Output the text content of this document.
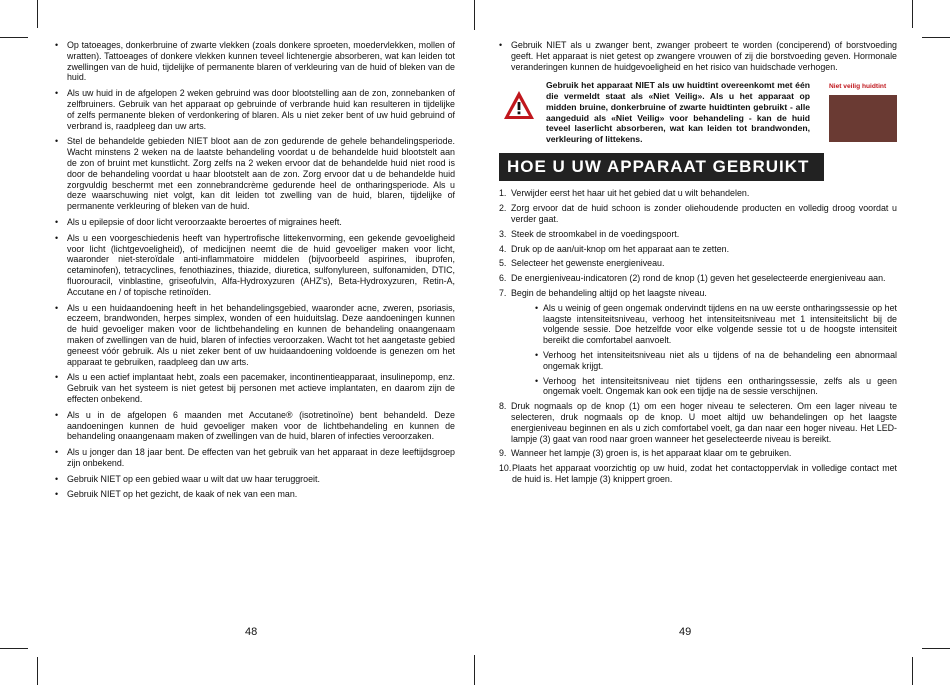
• Op tatoeages, donkerbruine of zwarte vlekken (zoals donkere sproeten, moedervlekken, mollen of wratten). Tattoeages of donkere vlekken kunnen teveel lichtenergie absorberen, wat kan leiden tot zwellingen van de huid, tijdelijke of permanente blaren of verkleuring van de huid of bleken van de huid.
• Als uw huid in de afgelopen 2 weken gebruind was door blootstelling aan de zon, zonnebanken of zelfbruiners. Gebruik van het apparaat op gebruinde of verbrande huid kan resulteren in tijdelijke of zelfs permanente bleken of verdonkering of blaren. Als u niet zeker bent of uw huid gebruind of verbrand is, raadpleeg dan uw arts.
• Stel de behandelde gebieden NIET bloot aan de zon gedurende de gehele behandelingsperiode. Wacht minstens 2 weken na de laatste behandeling voordat u de behandelde huid blootstelt aan de zon of bruint met kunstlicht. Zorg zelfs na 2 weken ervoor dat de behandelde huid niet rood is door de behandeling voordat u haar blootstelt aan de zon. Zorg ervoor dat u de behandelde huid zorgvuldig beschermt met een zonnebrandcrème gedurende heel de ontharingsperiode. Als u deze waarschuwing niet volgt, kan dit leiden tot zwelling van de huid, blaren, tijdelijke of permanente verkleuring of bleken van de huid.
• Als u epilepsie of door licht veroorzaakte beroertes of migraines heeft.
• Als u een voorgeschiedenis heeft van hypertrofische littekenvorming, een gekende gevoeligheid voor licht (lichtgevoeligheid), of medicijnen neemt die de huid gevoeliger maken voor licht, waaronder niet-steroïdale anti-inflammatoire middelen (bijvoorbeeld aspirines, ibuprofen, cetaminofen), tetracyclines, fenothiazines, thiazide, diuretica, sulfonylureen, sulfonamiden, DTIC, fluorouracil, vinblastine, griseofulvin, Alfa-Hydroxyzuren (AHZ's), Beta-Hydroxyzuren, Retin-A, Accutane en / of topische retinoïden.
• Als u een huidaandoening heeft in het behandelingsgebied, waaronder acne, zweren, psoriasis, eczeem, brandwonden, herpes simplex, wonden of een huiduitslag. Deze aandoeningen kunnen de huid gevoeliger maken voor de lichtbehandeling en kunnen de behandeling onaangenaam maken of zwellingen van de huid, blaren of infecties veroorzaken. Wacht tot het aangetaste gebied geneest vóór gebruik. Als u niet zeker bent of uw huidaandoening voldoende is genezen om het apparaat te gebruiken, raadpleeg dan uw arts.
• Als u een actief implantaat hebt, zoals een pacemaker, incontinentieapparaat, insulinepomp, enz. Gebruik van het systeem is niet getest bij personen met actieve implantaten, en daarom zijn de effecten onbekend.
• Als u in de afgelopen 6 maanden met Accutane® (isotretinoïne) bent behandeld. Deze aandoeningen kunnen de huid gevoeliger maken voor de lichtbehandeling en kunnen de behandeling onaangenaam maken of zwellingen van de huid, blaren of infecties veroorzaken.
• Als u jonger dan 18 jaar bent. De effecten van het gebruik van het apparaat in deze leeftijdsgroep zijn onbekend.
• Gebruik NIET op een gebied waar u wilt dat uw haar teruggroeit.
• Gebruik NIET op het gezicht, de kaak of nek van een man.
48
• Gebruik NIET als u zwanger bent, zwanger probeert te worden (conciperend) of borstvoeding geeft. Het apparaat is niet getest op zwangere vrouwen of zij die borstvoeding geven. Hormonale veranderingen kunnen de huidgevoeligheid en het risico van huidschade verhogen.
Gebruik het apparaat NIET als uw huidtint overeenkomt met één die vermeldt staat als «Niet Veilig». Als u het apparaat op midden bruine, donkerbruine of zwarte huidtinten gebruikt - alle aangeduid als «Niet Veilig» voor behandeling - kan de huid teveel laserlicht absorberen, wat kan leiden tot brandwonden, verkleuring of littekens.
Niet veilig huidtint
HOE U UW APPARAAT GEBRUIKT
1. Verwijder eerst het haar uit het gebied dat u wilt behandelen.
2. Zorg ervoor dat de huid schoon is zonder oliehoudende producten en volledig droog voordat u verder gaat.
3. Steek de stroomkabel in de voedingspoort.
4. Druk op de aan/uit-knop om het apparaat aan te zetten.
5. Selecteer het gewenste energieniveau.
6. De energieniveau-indicatoren (2) rond de knop (1) geven het geselecteerde energieniveau aan.
7. Begin de behandeling altijd op het laagste niveau.
• Als u weinig of geen ongemak ondervindt tijdens en na uw eerste ontharingssessie op het laagste intensiteitsniveau, verhoog het intensiteitsniveau met 1 intensiteitslicht bij de volgende sessie. Doe hetzelfde voor elke volgende sessie tot u de hoogste intensiteit bereikt die comfortabel aanvoelt.
• Verhoog het intensiteitsniveau niet als u tijdens of na de behandeling een abnormaal ongemak krijgt.
• Verhoog het intensiteitsniveau niet tijdens een ontharingssessie, zelfs als u geen ongemak voelt. Ongemak kan ook een tijdje na de sessie verschijnen.
8. Druk nogmaals op de knop (1) om een hoger niveau te selecteren. Om een lager niveau te selecteren, druk nogmaals op de knop. U moet altijd uw behandelingen op het laagste energieniveau beginnen en als u zich comfortabel voelt, ga dan naar een hoger niveau. Het LED-lampje (3) gaat van rood naar groen wanneer het geselecteerde niveau is bereikt.
9. Wanneer het lampje (3) groen is, is het apparaat klaar om te gebruiken.
10. Plaats het apparaat voorzichtig op uw huid, zodat het contactoppervlak in volledige contact met de huid is. Het lampje (3) knippert groen.
49
